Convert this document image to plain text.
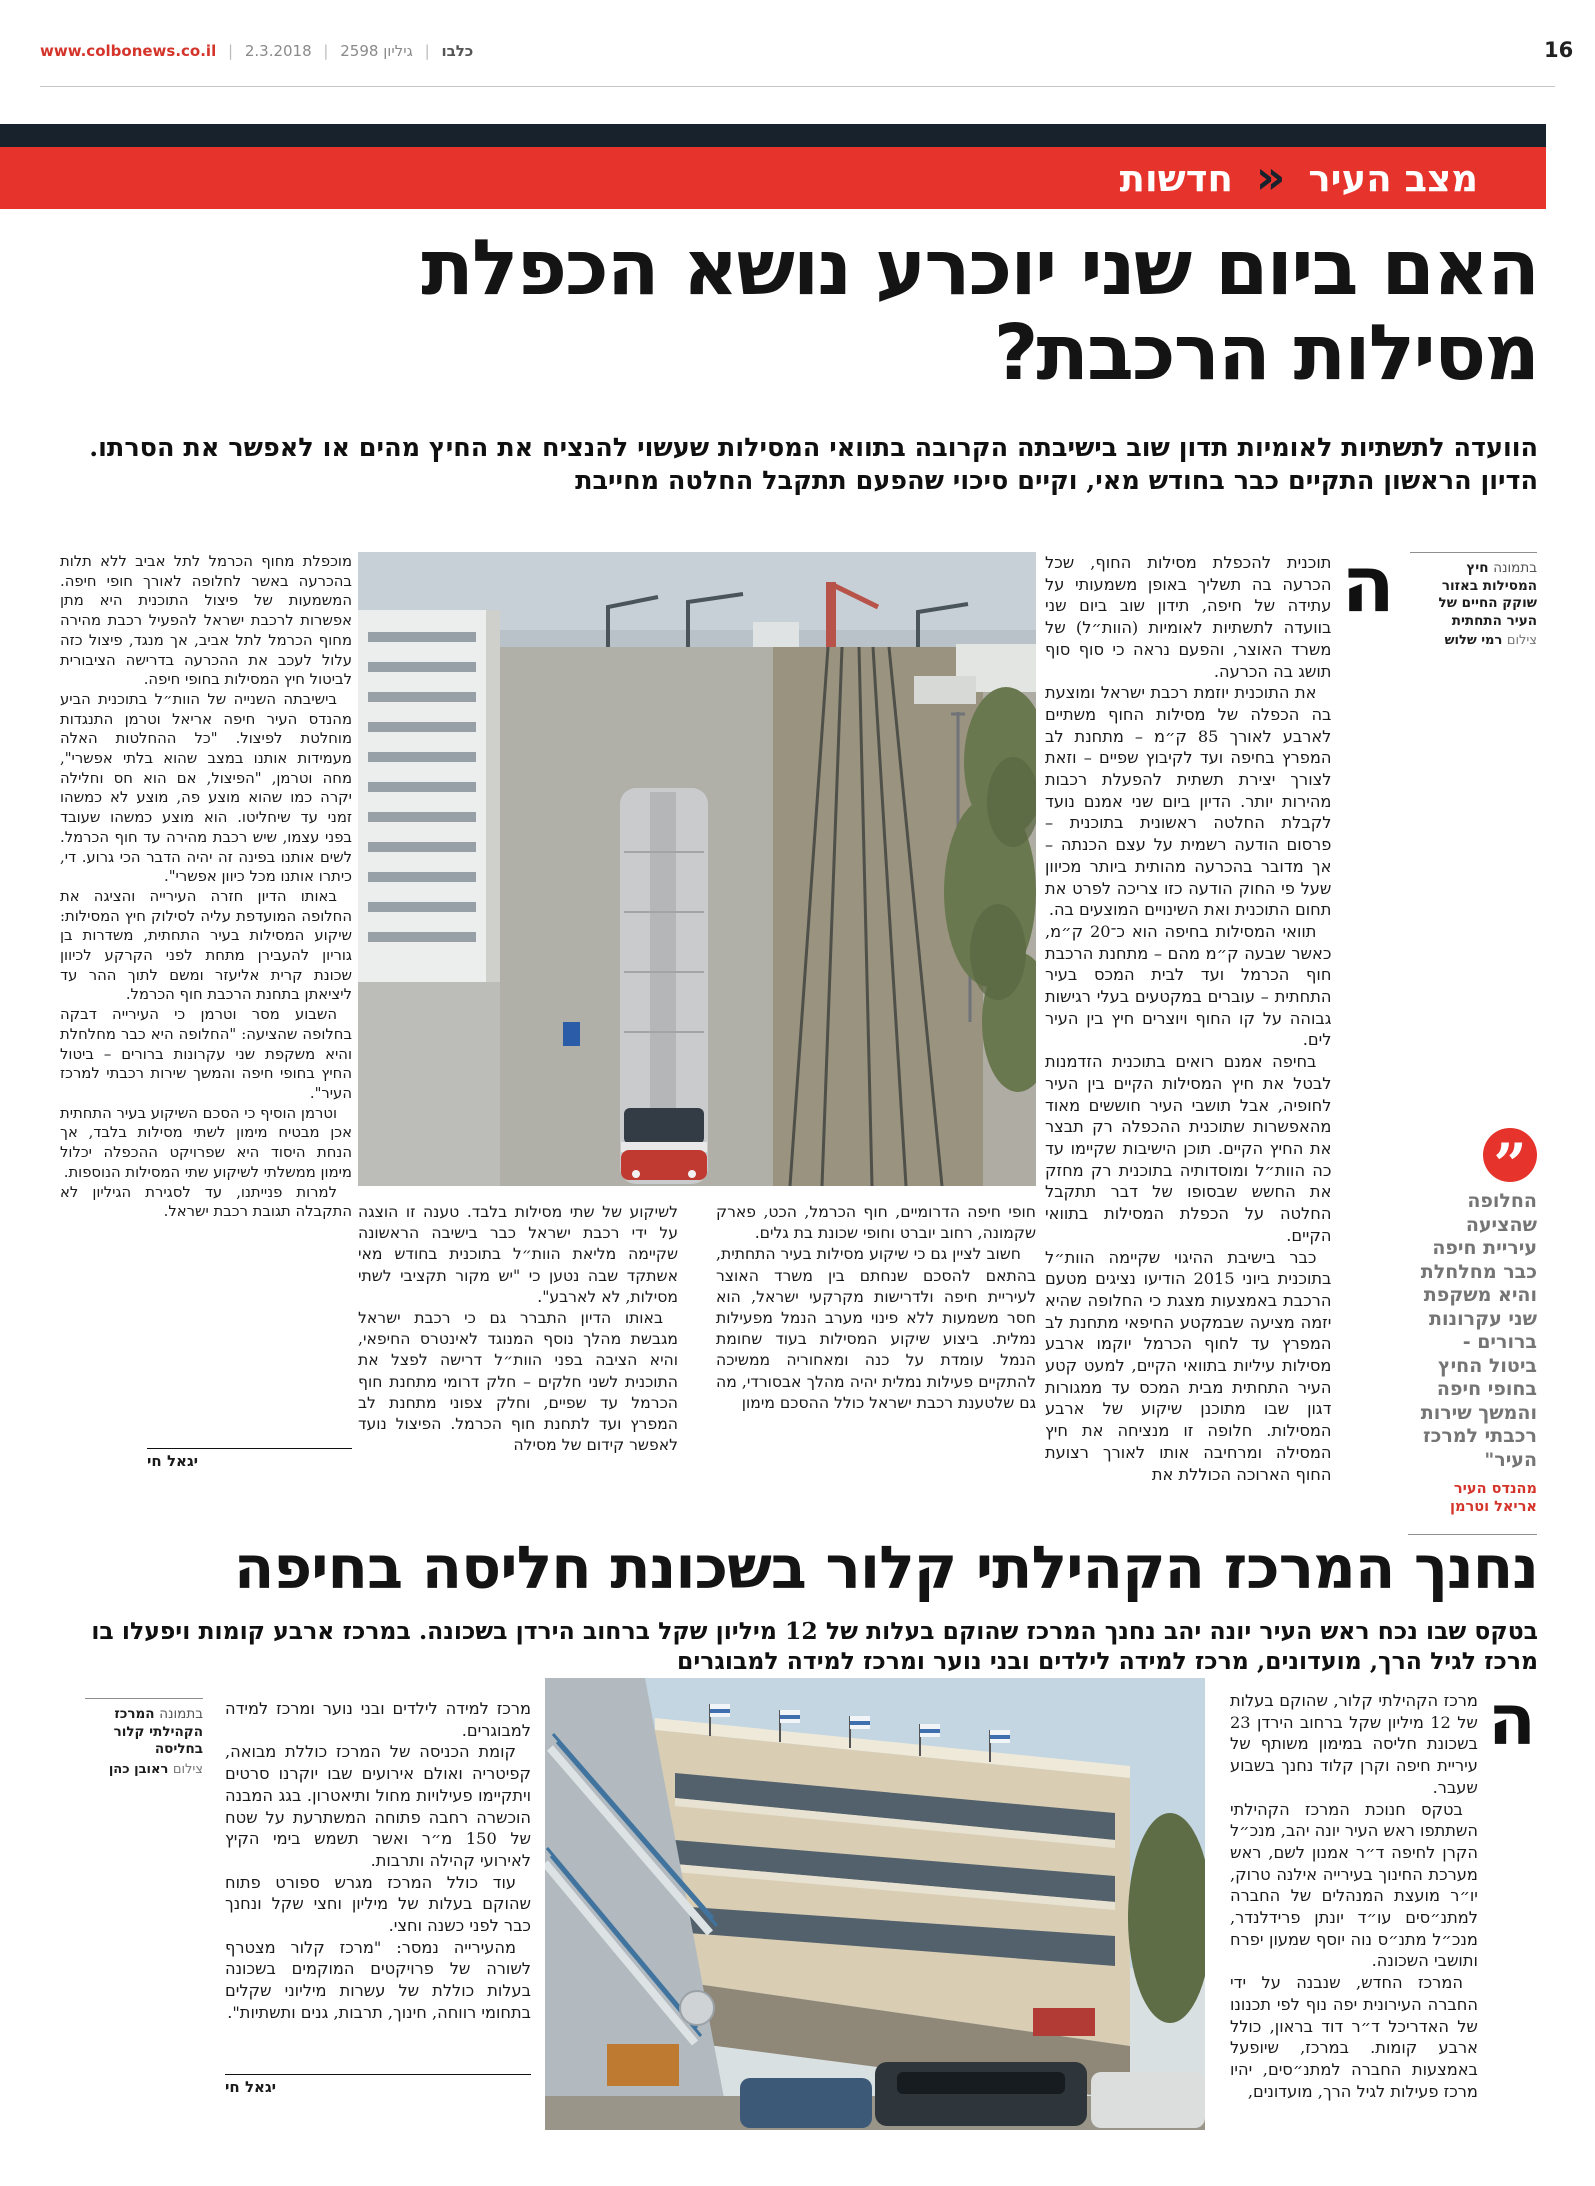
www.colbonews.co.il |	כלבו | גיליון 2598 | 2.3.2018	16
מצב העיר « חדשות
האם ביום שני יוכרע נושא הכפלת
מסילות הרכבת?
הוועדה לתשתיות לאומיות תדון שוב בישיבתה הקרובה בתוואי המסילות שעשוי להנציח את החיץ מהים או לאפשר את הסרתו. הדיון הראשון התקיים כבר בחודש מאי, וקיים סיכוי שהפעם תתקבל החלטה מחייבת
בתמונה חיץ המסילות באזור שוקק החיים של העיר התחתית
צילום רמי שלוש
”
החלופה שהציעה עיריית חיפה כבר מחלחלת והיא משקפת שני עקרונות ברורים - ביטול החיץ בחופי חיפה והמשך שירות רכבתי למרכז העיר"
מהנדס העיר
אריאל וטרמן
ה

תוכנית להכפלת מסילות החוף, שכל הכרעה בה תשליך באופן משמעותי על עתידה של חיפה, תידון שוב ביום שני בוועדה לתשתיות לאומיות (הוות״ל) של משרד האוצר, והפעם נראה כי סוף סוף תושג בה הכרעה.

את התוכנית יוזמת רכבת ישראל ומוצעת בה הכפלה של מסילות החוף משתיים לארבע לאורך 85 ק״מ – מתחנת לב המפרץ בחיפה ועד לקיבוץ שפיים – וזאת לצורך יצירת תשתית להפעלת רכבות מהירות יותר. הדיון ביום שני אמנם נועד לקבלת החלטה ראשונית בתוכנית – פרסום הודעה רשמית על עצם הכנתה – אך מדובר בהכרעה מהותית ביותר מכיוון שעל פי החוק הודעה כזו צריכה לפרט את תחום התוכנית ואת השינויים המוצעים בה.

תוואי המסילות בחיפה הוא כ־20 ק״מ, כאשר שבעה ק״מ מהם – מתחנת הרכבת חוף הכרמל ועד לבית המכס בעיר התחתית – עוברים במקטעים בעלי רגישות גבוהה על קו החוף ויוצרים חיץ בין העיר לים.

בחיפה אמנם רואים בתוכנית הזדמנות לבטל את חיץ המסילות הקיים בין העיר לחופיה, אבל תושבי העיר חוששים מאוד מהאפשרות שתוכנית ההכפלה רק תבצר את החיץ הקיים. תוכן הישיבות שקיימו עד כה הוות״ל ומוסדותיה בתוכנית רק מחזק את החשש שבסופו של דבר תתקבל החלטה על הכפלת המסילות בתוואי הקיים.

כבר בישיבת ההיגוי שקיימה הוות״ל בתוכנית ביוני 2015 הודיעו נציגים מטעם הרכבת באמצעות מצגת כי החלופה שהיא יזמה מציעה שבמקטע החיפאי מתחנת לב המפרץ עד לחוף הכרמל יוקמו ארבע מסילות עיליות בתוואי הקיים, למעט קטע העיר התחתית מבית המכס עד ממגורות דגון שבו מתוכנן שיקוע של ארבע המסילות. חלופה זו מנציחה את חיץ המסילה ומרחיבה אותו לאורך רצועת החוף הארוכה הכוללת את

חופי חיפה הדרומיים, חוף הכרמל, הכט, פארק שקמונה, רחוב יוברט וחופי שכונת בת גלים.

חשוב לציין גם כי שיקוע מסילות בעיר התחתית, בהתאם להסכם שנחתם בין משרד האוצר לעיריית חיפה ולדרישות מקרקעי ישראל, הוא חסר משמעות ללא פינוי מערב הנמל מפעילות נמלית. ביצוע שיקוע המסילות בעוד שחומת הנמל עומדת על כנה ומאחוריה ממשיכה להתקיים פעילות נמלית יהיה מהלך אבסורדי, מה גם שלטענת רכבת ישראל כולל ההסכם מימון

לשיקוע של שתי מסילות בלבד. טענה זו הוצגה על ידי רכבת ישראל כבר בישיבה הראשונה שקיימה מליאת הוות״ל בתוכנית בחודש מאי אשתקד שבה נטען כי "יש מקור תקציבי לשתי מסילות, לא לארבע".

באותו הדיון התברר גם כי רכבת ישראל מגבשת מהלך נוסף המנוגד לאינטרס החיפאי, והיא הציבה בפני הוות״ל דרישה לפצל את התוכנית לשני חלקים – חלק דרומי מתחנת חוף הכרמל עד שפיים, וחלק צפוני מתחנת לב המפרץ ועד לתחנת חוף הכרמל. הפיצול נועד לאפשר קידום של מסילה

מוכפלת מחוף הכרמל לתל אביב ללא תלות בהכרעה באשר לחלופה לאורך חופי חיפה. המשמעות של פיצול התוכנית היא מתן אפשרות לרכבת ישראל להפעיל רכבת מהירה מחוף הכרמל לתל אביב, אך מנגד, פיצול כזה עלול לעכב את ההכרעה בדרישה הציבורית לביטול חיץ המסילות בחופי חיפה.

בישיבתה השנייה של הוות״ל בתוכנית הביע מהנדס העיר חיפה אריאל וטרמן התנגדות מוחלטת לפיצול. "כל ההחלטות האלה מעמידות אותנו במצב שהוא בלתי אפשרי", מחה וטרמן, "הפיצול, אם הוא חס וחלילה יקרה כמו שהוא מוצע פה, מוצע לא כמשהו זמני עד שיחליטו. הוא מוצע כמשהו שעובד בפני עצמו, שיש רכבת מהירה עד חוף הכרמל. לשים אותנו בפינה זה יהיה הדבר הכי גרוע. די, כיתרו אותנו מכל כיוון אפשרי".

באותו הדיון חזרה העירייה והציגה את החלופה המועדפת עליה לסילוק חיץ המסילות: שיקוע המסילות בעיר התחתית, משדרות בן גוריון להעבירן מתחת לפני הקרקע לכיוון שכונת קרית אליעזר ומשם לתוך ההר עד ליציאתן בתחנת הרכבת חוף הכרמל.

השבוע מסר וטרמן כי העירייה דבקה בחלופה שהציעה: "החלופה היא כבר מחלחלת והיא משקפת שני עקרונות ברורים – ביטול החיץ בחופי חיפה והמשך שירות רכבתי למרכז העיר".

וטרמן הוסיף כי הסכם השיקוע בעיר התחתית אכן מבטיח מימון לשתי מסילות בלבד, אך הנחת היסוד היא שפרויקט ההכפלה יכלול מימון ממשלתי לשיקוע שתי המסילות הנוספות.

למרות פנייתנו, עד לסגירת הגיליון לא התקבלה תגובת רכבת ישראל.

יגאל חי
נחנך המרכז הקהילתי קלור בשכונת חליסה בחיפה
בטקס שבו נכח ראש העיר יונה יהב נחנך המרכז שהוקם בעלות של 12 מיליון שקל ברחוב הירדן בשכונה. במרכז ארבע קומות ויפעלו בו מרכז לגיל הרך, מועדונים, מרכז למידה לילדים ובני נוער ומרכז למידה למבוגרים
ה

מרכז הקהילתי קלור, שהוקם בעלות של 12 מיליון שקל ברחוב הירדן 23 בשכונת חליסה במימון משותף של עיריית חיפה וקרן קלוד נחנך בשבוע שעבר.

בטקס חנוכת המרכז הקהילתי השתתפו ראש העיר יונה יהב, מנכ״ל הקרן לחיפה ד״ר אמנון לשם, ראש מערכת החינוך בעירייה אילנה טרוק, יו״ר מועצת המנהלים של החברה למתנ״סים עו״ד יונתן פרידלנדר, מנכ״ל מתנ״ס נוה יוסף שמעון יפרח ותושבי השכונה.

המרכז החדש, שנבנה על ידי החברה העירונית יפה נוף לפי תכנונו של האדריכל ד״ר דוד בראון, כולל ארבע קומות. במרכז, שיופעל באמצעות החברה למתנ״סים, יהיו מרכז פעילות לגיל הרך, מועדונים,

מרכז למידה לילדים ובני נוער ומרכז למידה למבוגרים.

קומת הכניסה של המרכז כוללת מבואה, קפיטריה ואולם אירועים שבו יוקרנו סרטים ויתקיימו פעילויות מחול ותיאטרון. בגג המבנה הוכשרה רחבה פתוחה המשתרעת על שטח של 150 מ״ר ואשר תשמש בימי הקיץ לאירועי קהילה ותרבות.

עוד כולל המרכז מגרש ספורט פתוח שהוקם בעלות של מיליון וחצי שקל ונחנך כבר לפני כשנה וחצי.

מהעירייה נמסר: "מרכז קלור מצטרף לשורה של פרויקטים המוקמים בשכונה בעלות כוללת של עשרות מיליוני שקלים בתחומי רווחה, חינוך, תרבות, גנים ותשתיות".

יגאל חי
בתמונה המרכז הקהילתי קלור בחליסה
צילום ראובן כהן
